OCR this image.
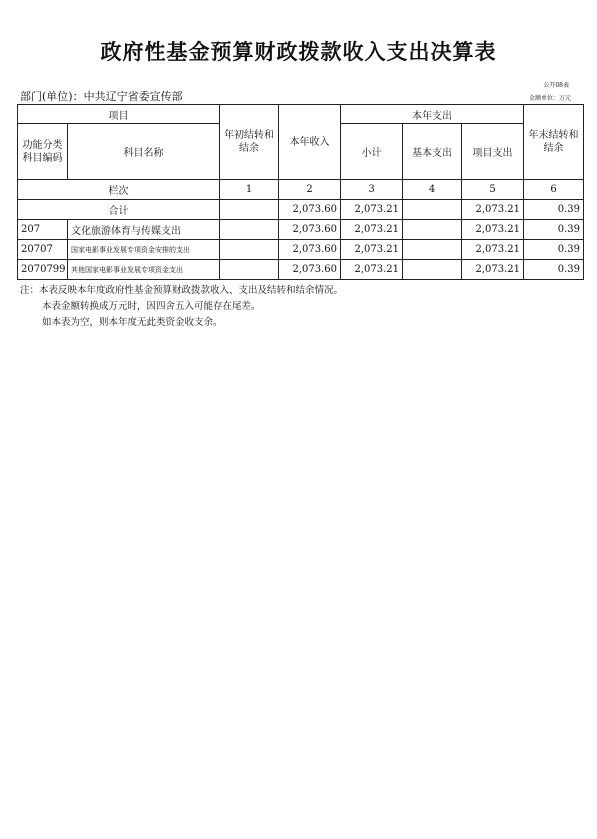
政府性基金预算财政拨款收入支出决算表
公开08表
金额单位：万元
部门(单位)：中共辽宁省委宣传部
项目		年初结转和结余	本年收入	本年支出			年末结转和结余
功能分类科目编码	科目名称			小计	基本支出	项目支出	
栏次		1	2	3	4	5	6
合计			2,073.60	2,073.21		2,073.21	0.39
207	文化旅游体育与传媒支出		2,073.60	2,073.21		2,073.21	0.39
20707	国家电影事业发展专项资金安排的支出		2,073.60	2,073.21		2,073.21	0.39
2070799	其他国家电影事业发展专项资金支出		2,073.60	2,073.21		2,073.21	0.39
注：本表反映本年度政府性基金预算财政拨款收入、支出及结转和结余情况。
本表金额转换成万元时，因四舍五入可能存在尾差。
如本表为空，则本年度无此类资金收支余。
